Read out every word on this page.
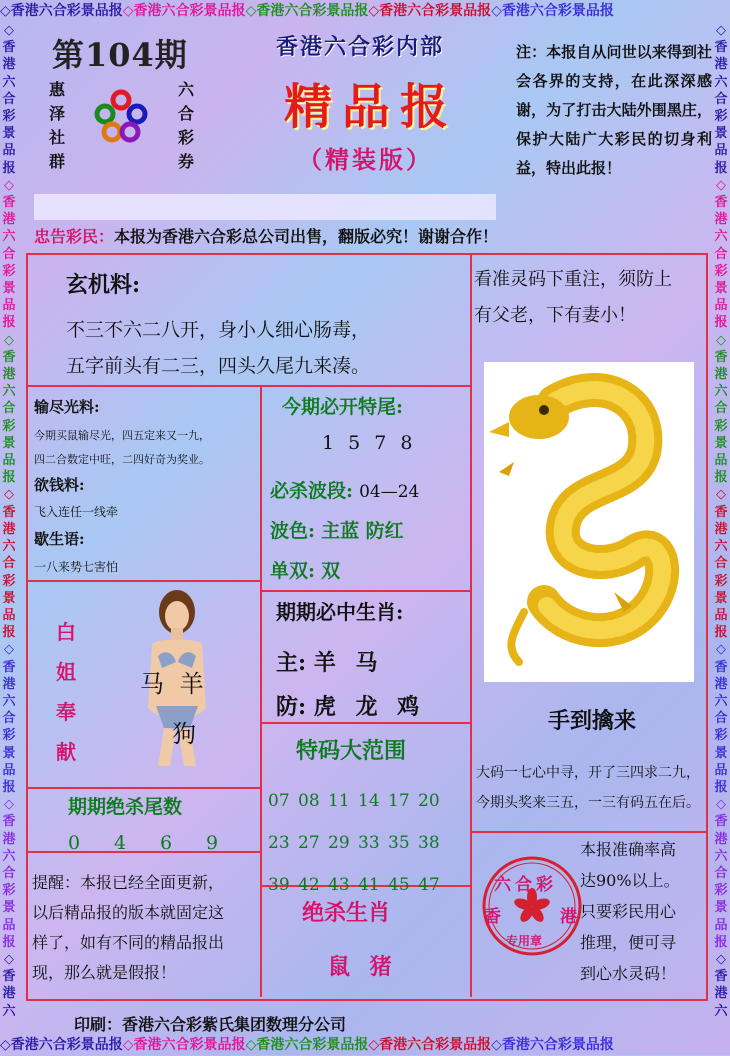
◇香港六合彩景品报◇香港六合彩景品报◇香港六合彩景品报◇香港六合彩景品报◇香港六合彩景品报
◇香港六合彩景品报◇香港六合彩景品报◇香港六合彩景品报◇香港六合彩景品报◇香港六合彩景品报
◇
香
港
六
合
彩
景
品
报
◇
香
港
六
合
彩
景
品
报
◇
香
港
六
合
彩
景
品
报
◇
香
港
六
合
彩
景
品
报
◇
香
港
六
合
彩
景
品
报
◇
香
港
六
合
彩
景
品
报
◇
香
港
六
◇
香
港
六
合
彩
景
品
报
◇
香
港
六
合
彩
景
品
报
◇
香
港
六
合
彩
景
品
报
◇
香
港
六
合
彩
景
品
报
◇
香
港
六
合
彩
景
品
报
◇
香
港
六
合
彩
景
品
报
◇
香
港
六
第104期
惠
泽
社
群
六
合
彩
券
香港六合彩内部
精品报
（精装版）
注：本报自从问世以来得到社会各界的支持，在此深深感谢，为了打击大陆外围黑庄，保护大陆广大彩民的切身利益，特出此报！
忠告彩民：本报为香港六合彩总公司出售，翻版必究！谢谢合作！
玄机料:
不三不六二八开，身小人细心肠毒，
五字前头有二三，四头久尾九来凑。
看准灵码下重注，须防上
有父老，下有妻小！
输尽光料:
今期买鼠输尽光，四五定来又一九，
四二合数定中旺，二四好奇为奖业。
欲钱料:
飞入连任一线牵
歇生语:
一八来势七害怕
今期必开特尾:
1 5 7 8
必杀波段: 04—24
波色: 主蓝 防红
单双: 双
白
姐
奉
献
马 羊
狗
期期必中生肖:
主: 羊 马
防: 虎 龙 鸡
特码大范围
07 08 11 14 17 20
23 27 29 33 35 38
39 42 43 41 45 47
期期绝杀尾数
0 4 6 9
提醒：本报已经全面更新，
以后精品报的版本就固定这
样了，如有不同的精品报出
现，那么就是假报！
绝杀生肖
鼠 猪
手到擒来
大码一七心中寻，开了三四求二九，
今期头奖来三五，一三有码五在后。
本报准确率高
达90%以上。
只要彩民用心
推理，便可寻
到心水灵码！
六合彩
香	港
专用章
印刷：香港六合彩紫氏集团数理分公司
